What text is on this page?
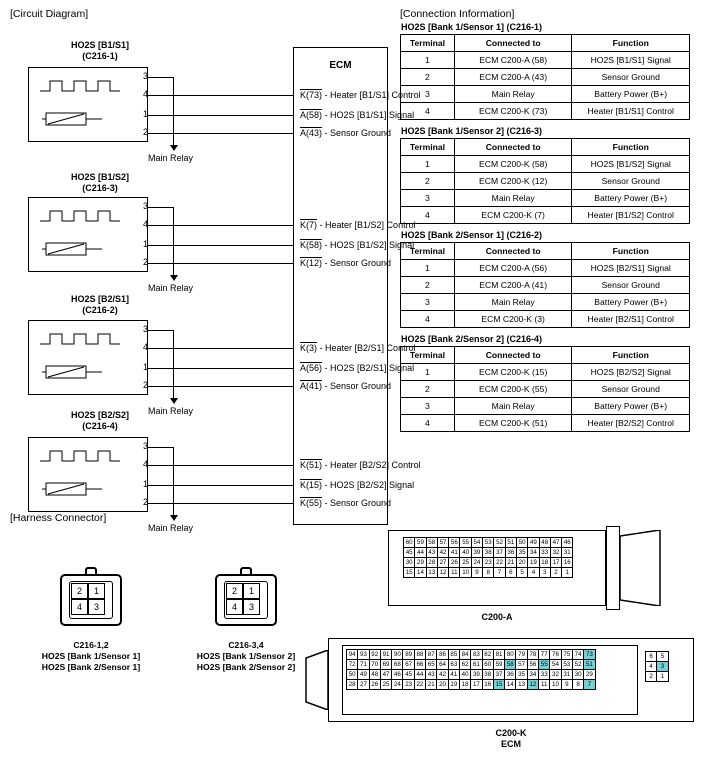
[Circuit Diagram]	[Connection Information]
[Harness Connector]
ECM
HO2S [B1/S1]
(C216-1)
3
4
1
2
Main Relay
K(73) - Heater [B1/S1] Control
A(58) - HO2S [B1/S1] Signal
A(43) - Sensor Ground
HO2S [B1/S2]
(C216-3)
3
4
1
2
Main Relay
K(7) - Heater [B1/S2] Control
K(58) - HO2S [B1/S2] Signal
K(12) - Sensor Ground
HO2S [B2/S1]
(C216-2)
3
4
1
2
Main Relay
K(3) - Heater [B2/S1] Control
A(56) - HO2S [B2/S1] Signal
A(41) - Sensor Ground
HO2S [B2/S2]
(C216-4)
3
4
1
2
Main Relay
K(51) - Heater [B2/S2] Control
K(15) - HO2S [B2/S2] Signal
K(55) - Sensor Ground
HO2S [Bank 1/Sensor 1] (C216-1)
Terminal	Connected to	Function
1	ECM C200-A (58)	HO2S [B1/S1] Signal
2	ECM C200-A (43)	Sensor Ground
3	Main Relay	Battery Power (B+)
4	ECM C200-K (73)	Heater [B1/S1] Control
HO2S [Bank 1/Sensor 2] (C216-3)
Terminal	Connected to	Function
1	ECM C200-K (58)	HO2S [B1/S2] Signal
2	ECM C200-K (12)	Sensor Ground
3	Main Relay	Battery Power (B+)
4	ECM C200-K (7)	Heater [B1/S2] Control
HO2S [Bank 2/Sensor 1] (C216-2)
Terminal	Connected to	Function
1	ECM C200-A (56)	HO2S [B2/S1] Signal
2	ECM C200-A (41)	Sensor Ground
3	Main Relay	Battery Power (B+)
4	ECM C200-K (3)	Heater [B2/S1] Control
HO2S [Bank 2/Sensor 2] (C216-4)
Terminal	Connected to	Function
1	ECM C200-K (15)	HO2S [B2/S2] Signal
2	ECM C200-K (55)	Sensor Ground
3	Main Relay	Battery Power (B+)
4	ECM C200-K (51)	Heater [B2/S2] Control
2	1
4	3
C216-1,2
HO2S [Bank 1/Sensor 1]
HO2S [Bank 2/Sensor 1]
2	1
4	3
C216-3,4
HO2S [Bank 1/Sensor 2]
HO2S [Bank 2/Sensor 2]
60 59 58 57 56 55 54 53 52 51 50 49 48 47 46
45 44 43 42 41 40 39 38 37 36 35 34 33 32 31
30 29 28 27 26 25 24 23 22 21 20 19 18 17 16
15 14 13 12 11 10 9	8	7	6	5	4	3	2	1
C200-A
94 93 92 91 90 89 88 87 86 85 84 83 82 81 80 79 78 77 76 75 74 73
72 71 70 69 68 67 66 65 64 63 62 61 60 59 58 57 56 55 54 53 52 51
50 49 48 47 46 45 44 43 42 41 40 39 38 37 36 35 34 33 32 31 30 29
28 27 26 25 24 23 22 21 20 19 18 17 16 15 14 13 12 11 10 9	8	7
6	5
4	3
2	1
C200-K
ECM
